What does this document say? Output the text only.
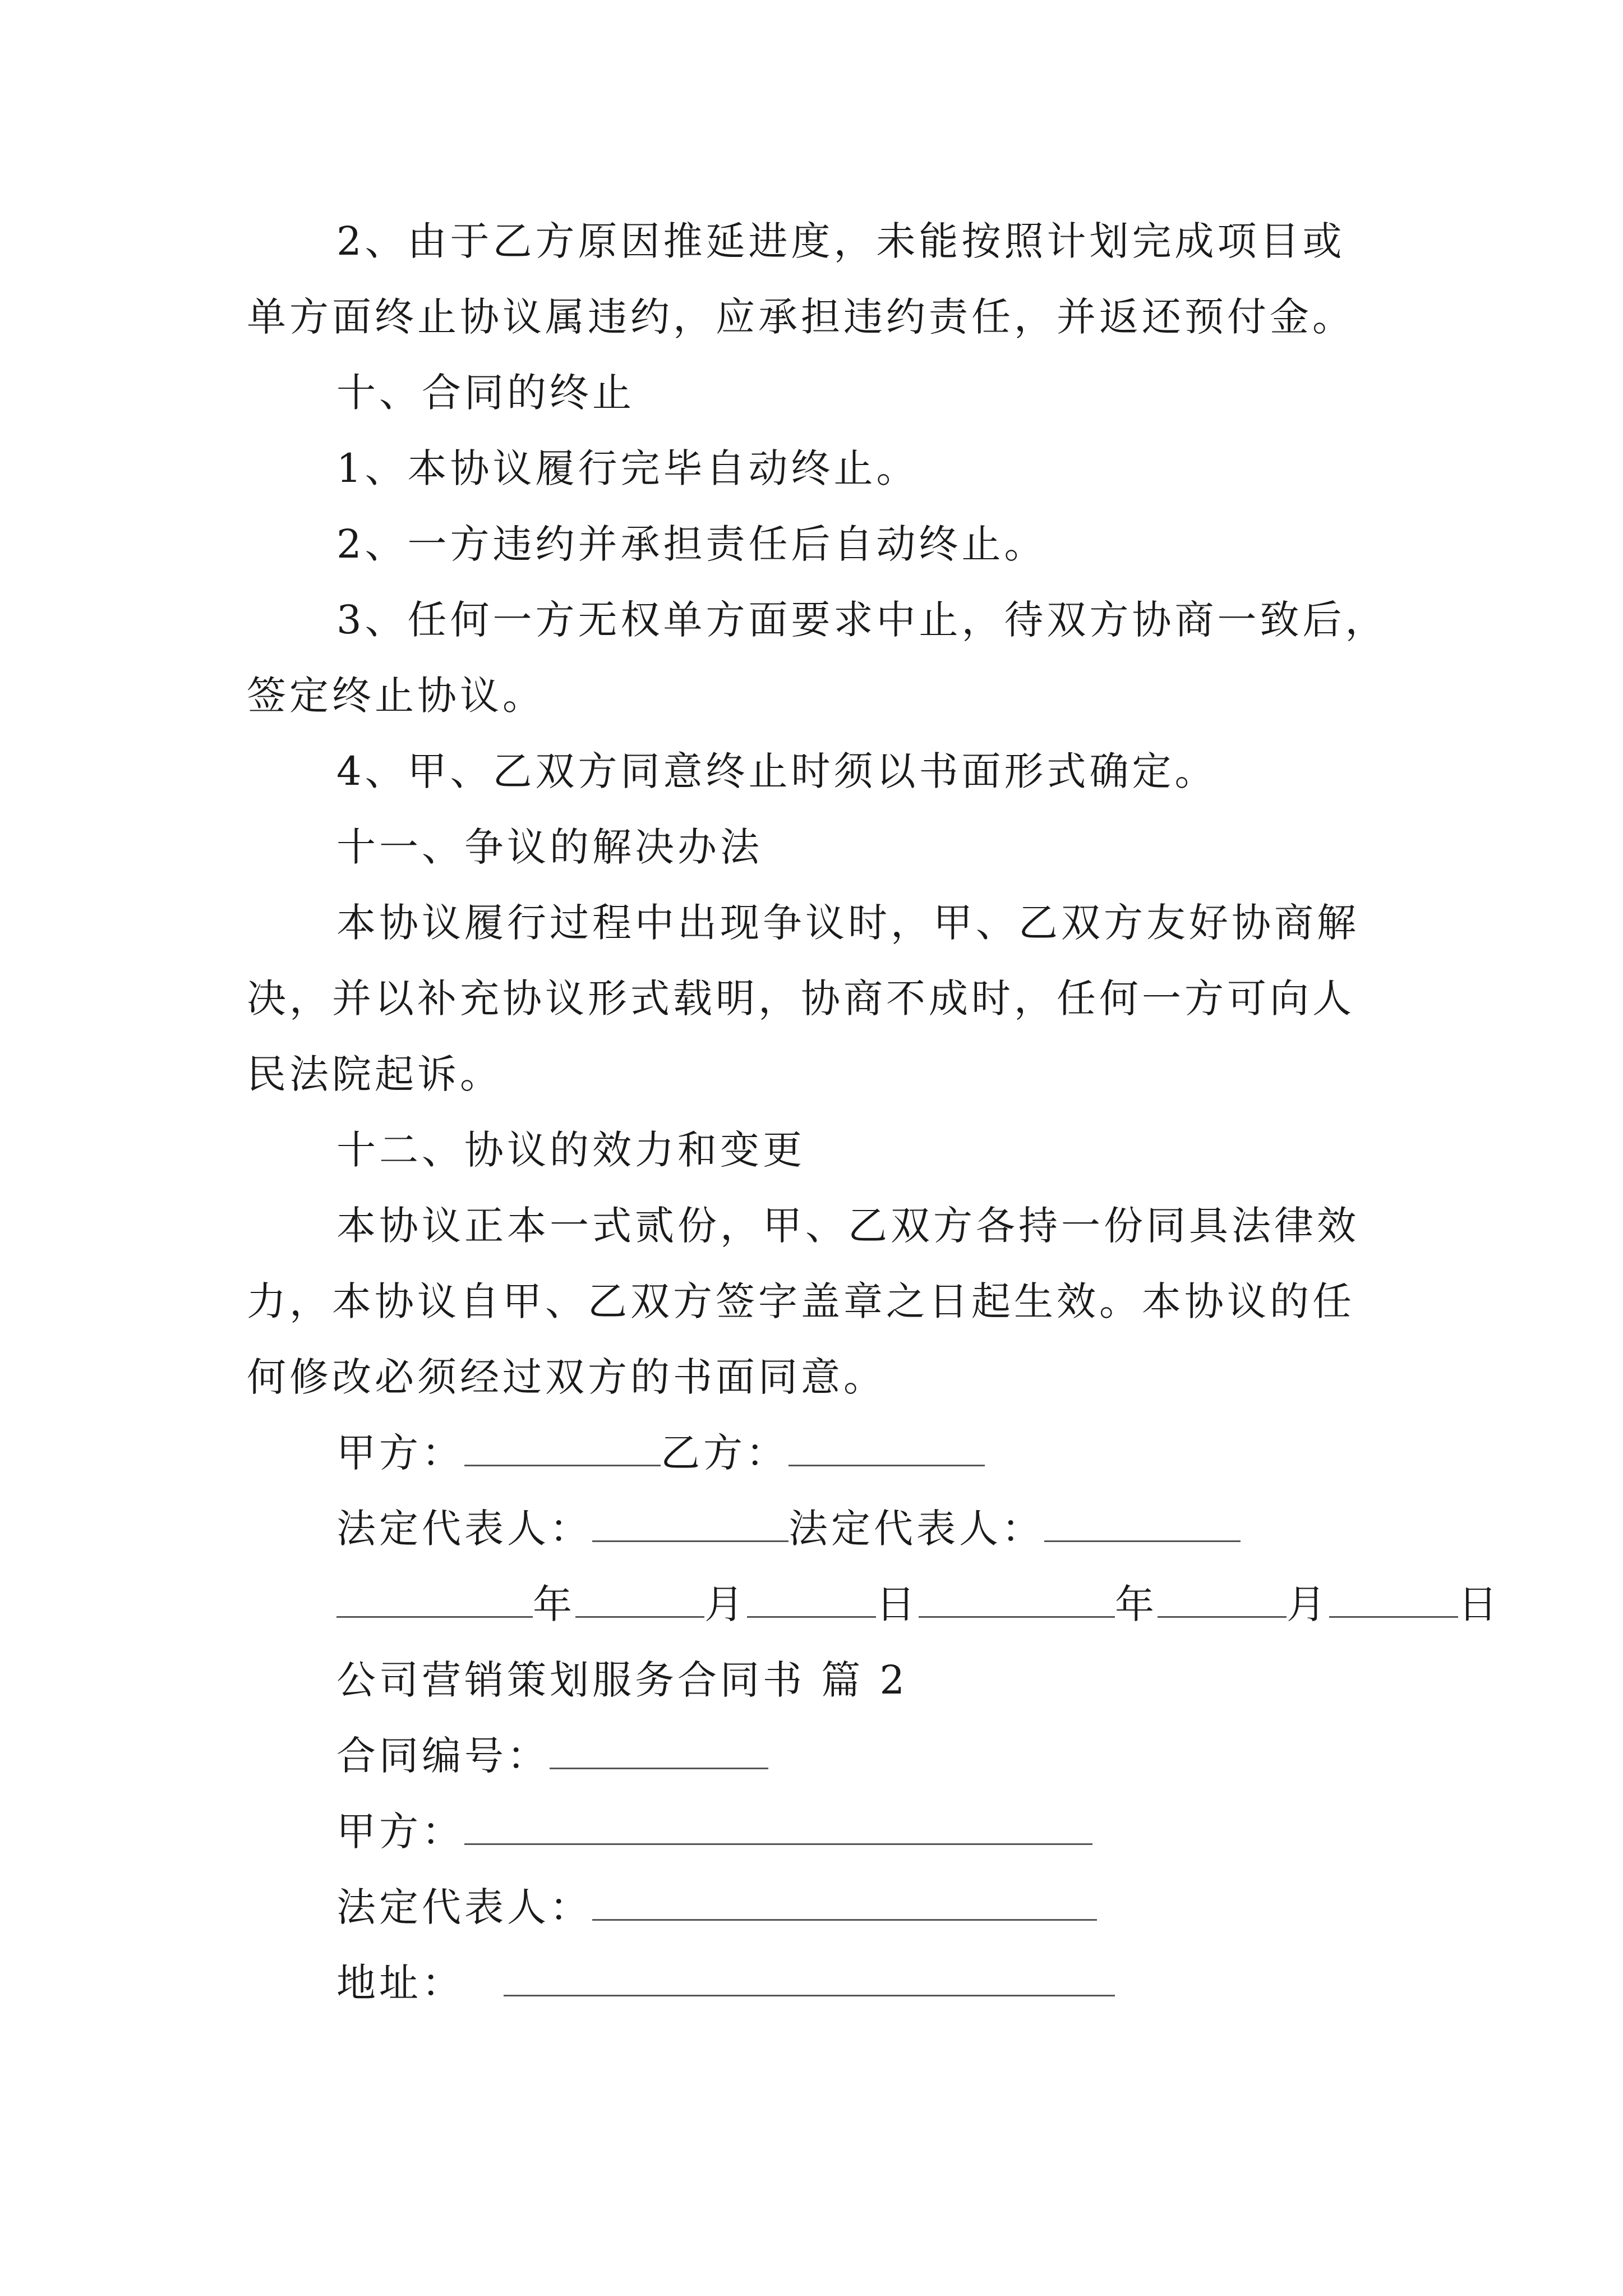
2、由于乙方原因推延进度，未能按照计划完成项目或
单方面终止协议属违约，应承担违约责任，并返还预付金。
十、合同的终止
1、本协议履行完毕自动终止。
2、一方违约并承担责任后自动终止。
3、任何一方无权单方面要求中止，待双方协商一致后，
签定终止协议。
4、甲、乙双方同意终止时须以书面形式确定。
十一、争议的解决办法
本协议履行过程中出现争议时，甲、乙双方友好协商解
决，并以补充协议形式载明，协商不成时，任何一方可向人
民法院起诉。
十二、协议的效力和变更
本协议正本一式贰份，甲、乙双方各持一份同具法律效
力，本协议自甲、乙双方签字盖章之日起生效。本协议的任
何修改必须经过双方的书面同意。
甲方：	乙方：
法定代表人：	法定代表人：
年	月	日	年	月	日
公司营销策划服务合同书 篇 2
合同编号：
甲方：
法定代表人：
地址：
